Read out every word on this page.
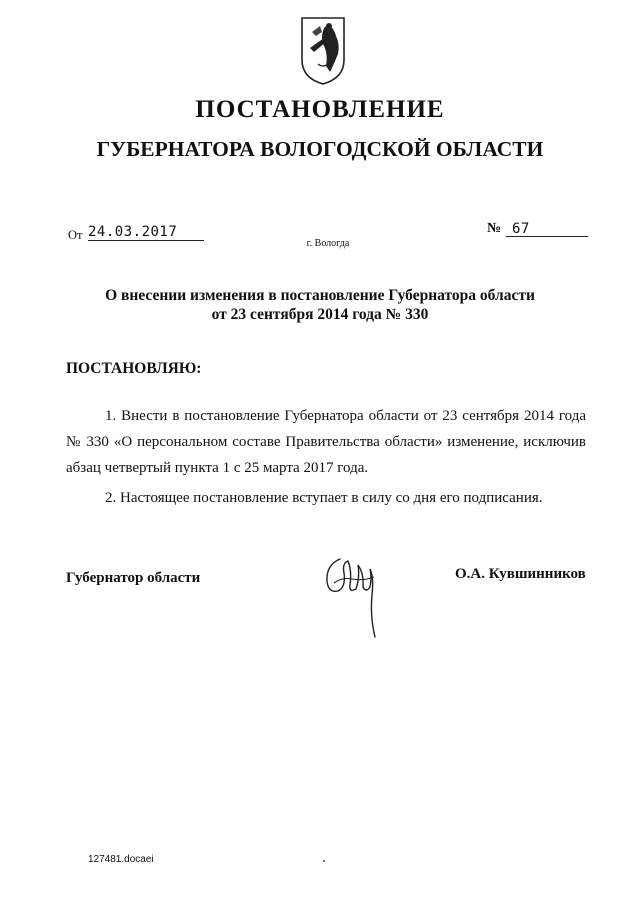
ПОСТАНОВЛЕНИЕ
ГУБЕРНАТОРА ВОЛОГОДСКОЙ ОБЛАСТИ
От 24.03.2017	№ 67
г. Вологда
О внесении изменения в постановление Губернатора области
от 23 сентября 2014 года № 330
ПОСТАНОВЛЯЮ:
1. Внести в постановление Губернатора области от 23 сентября 2014 года
№ 330 «О персональном составе Правительства области» изменение, исключив
абзац четвертый пункта 1 с 25 марта 2017 года.
2. Настоящее постановление вступает в силу со дня его подписания.
Губернатор области	О.А. Кувшинников
127481.docaei
